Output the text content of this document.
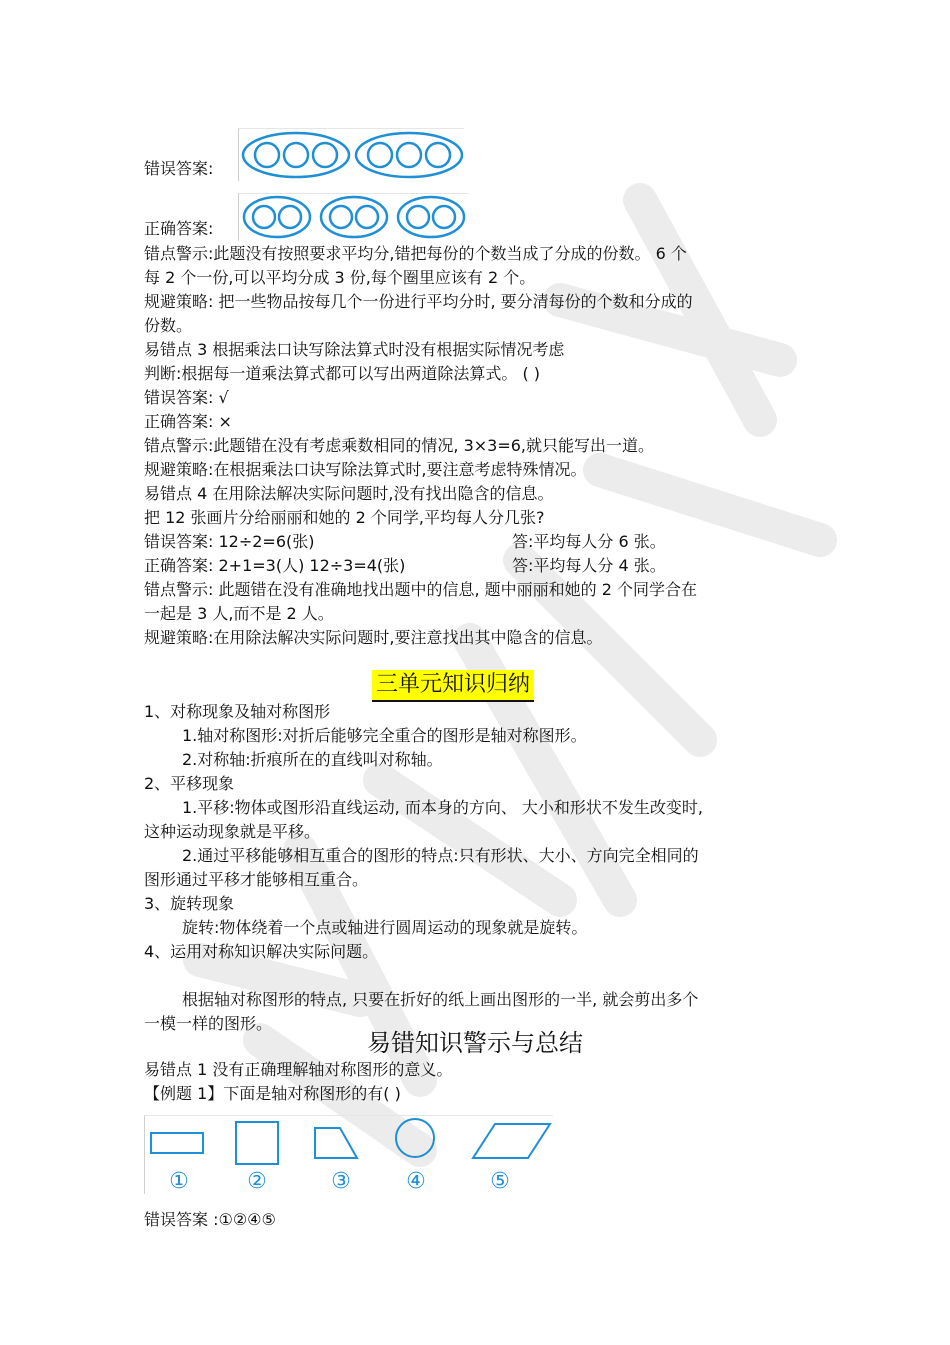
错误答案:
正确答案:
错点警示:此题没有按照要求平均分,错把每份的个数当成了分成的份数。 6 个
每 2 个一份,可以平均分成 3 份,每个圈里应该有 2 个。
规避策略: 把一些物品按每几个一份进行平均分时, 要分清每份的个数和分成的
份数。
易错点 3 根据乘法口诀写除法算式时没有根据实际情况考虑
判断:根据每一道乘法算式都可以写出两道除法算式。 ( )
错误答案: √
正确答案: ×
错点警示:此题错在没有考虑乘数相同的情况, 3×3=6,就只能写出一道。
规避策略:在根据乘法口诀写除法算式时,要注意考虑特殊情况。
易错点 4 在用除法解决实际问题时,没有找出隐含的信息。
把 12 张画片分给丽丽和她的 2 个同学,平均每人分几张?
错误答案: 12÷2=6(张)	答:平均每人分 6 张。
正确答案: 2+1=3(人) 12÷3=4(张)	答:平均每人分 4 张。
错点警示: 此题错在没有准确地找出题中的信息, 题中丽丽和她的 2 个同学合在
一起是 3 人,而不是 2 人。
规避策略:在用除法解决实际问题时,要注意找出其中隐含的信息。
三单元知识归纳
1、对称现象及轴对称图形
1.轴对称图形:对折后能够完全重合的图形是轴对称图形。
2.对称轴:折痕所在的直线叫对称轴。
2、平移现象
1.平移:物体或图形沿直线运动, 而本身的方向、 大小和形状不发生改变时,
这种运动现象就是平移。
2.通过平移能够相互重合的图形的特点:只有形状、大小、方向完全相同的
图形通过平移才能够相互重合。
3、旋转现象
旋转:物体绕着一个点或轴进行圆周运动的现象就是旋转。
4、运用对称知识解决实际问题。
根据轴对称图形的特点, 只要在折好的纸上画出图形的一半, 就会剪出多个
一模一样的图形。
易错知识警示与总结
易错点 1 没有正确理解轴对称图形的意义。
【例题 1】下面是轴对称图形的有( )
①	②	③	④	⑤
错误答案 :①②④⑤
